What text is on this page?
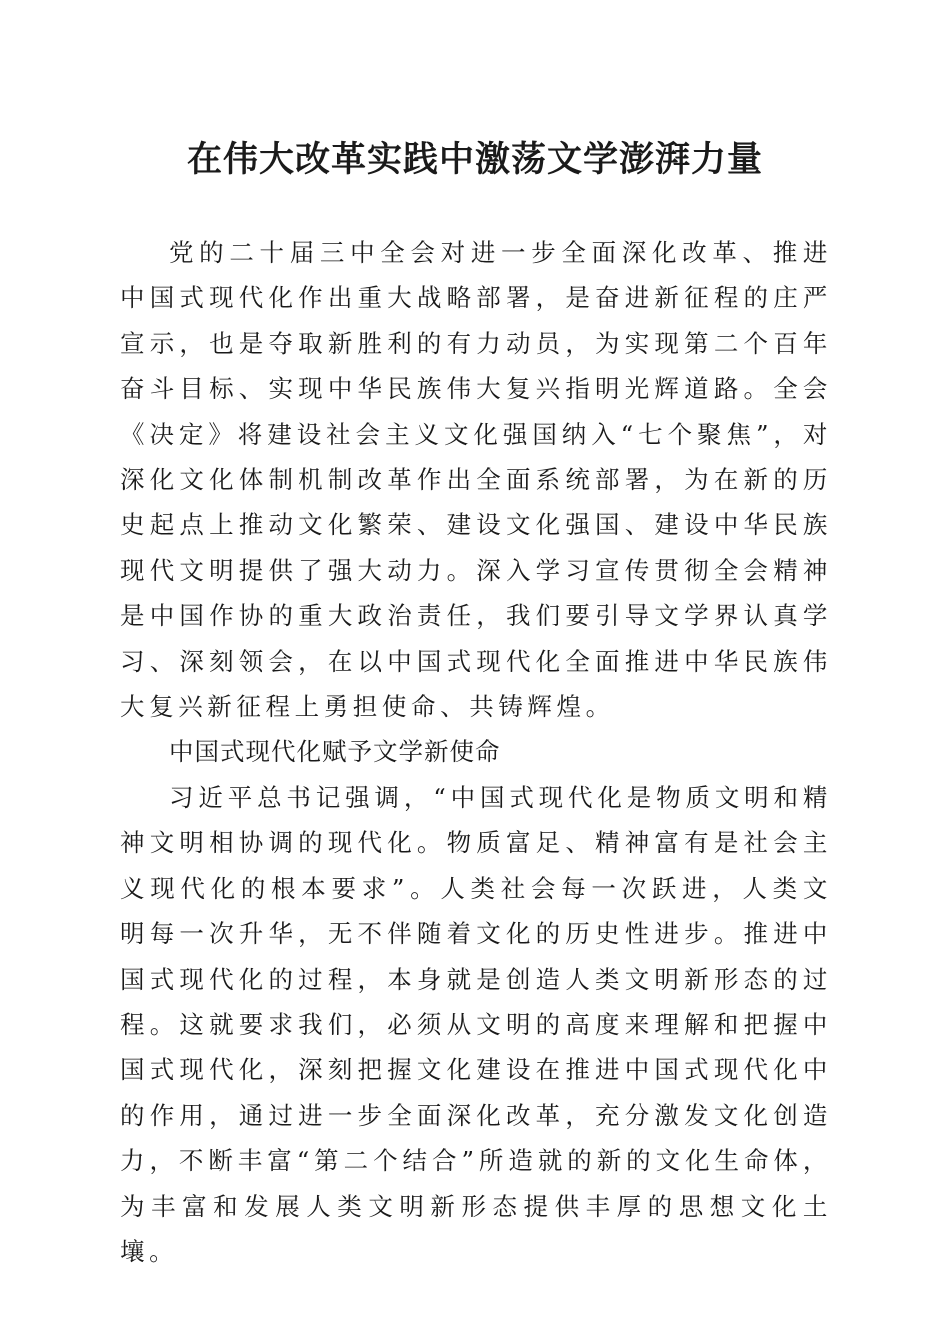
在伟大改革实践中激荡文学澎湃力量

党的二十届三中全会对进一步全面深化改革、推进中国式现代化作出重大战略部署，是奋进新征程的庄严宣示，也是夺取新胜利的有力动员，为实现第二个百年奋斗目标、实现中华民族伟大复兴指明光辉道路。全会《决定》将建设社会主义文化强国纳入“七个聚焦”，对深化文化体制机制改革作出全面系统部署，为在新的历史起点上推动文化繁荣、建设文化强国、建设中华民族现代文明提供了强大动力。深入学习宣传贯彻全会精神是中国作协的重大政治责任，我们要引导文学界认真学习、深刻领会，在以中国式现代化全面推进中华民族伟大复兴新征程上勇担使命、共铸辉煌。

中国式现代化赋予文学新使命

习近平总书记强调，“中国式现代化是物质文明和精神文明相协调的现代化。物质富足、精神富有是社会主义现代化的根本要求”。人类社会每一次跃进，人类文明每一次升华，无不伴随着文化的历史性进步。推进中国式现代化的过程，本身就是创造人类文明新形态的过程。这就要求我们，必须从文明的高度来理解和把握中国式现代化，深刻把握文化建设在推进中国式现代化中的作用，通过进一步全面深化改革，充分激发文化创造力，不断丰富“第二个结合”所造就的新的文化生命体，为丰富和发展人类文明新形态提供丰厚的思想文化土壤。
